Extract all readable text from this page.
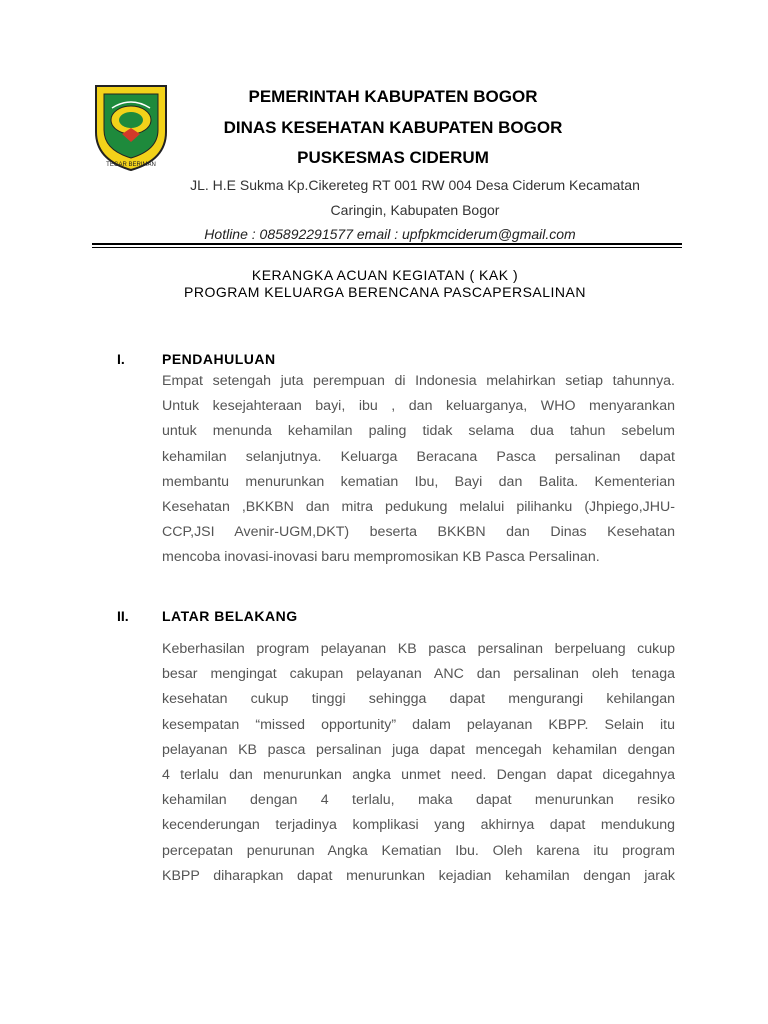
TEGAR BERIMAN
PEMERINTAH KABUPATEN BOGOR
DINAS KESEHATAN KABUPATEN BOGOR
PUSKESMAS CIDERUM
JL. H.E Sukma Kp.Cikereteg RT 001 RW 004 Desa Ciderum Kecamatan
Caringin, Kabupaten Bogor
Hotline : 085892291577 email : upfpkmciderum@gmail.com
KERANGKA ACUAN KEGIATAN ( KAK )
PROGRAM KELUARGA BERENCANA PASCAPERSALINAN
I.	PENDAHULUAN
Empat setengah juta perempuan di Indonesia melahirkan setiap tahunnya.
Untuk kesejahteraan bayi, ibu , dan keluarganya, WHO menyarankan
untuk menunda kehamilan paling tidak selama dua tahun sebelum
kehamilan selanjutnya. Keluarga Beracana Pasca persalinan dapat
membantu menurunkan kematian Ibu, Bayi dan Balita. Kementerian
Kesehatan ,BKKBN dan mitra pedukung melalui pilihanku (Jhpiego,JHU-
CCP,JSI Avenir-UGM,DKT) beserta BKKBN dan Dinas Kesehatan
mencoba inovasi-inovasi baru mempromosikan KB Pasca Persalinan.
II. LATAR BELAKANG
Keberhasilan program pelayanan KB pasca persalinan berpeluang cukup
besar mengingat cakupan pelayanan ANC dan persalinan oleh tenaga
kesehatan cukup tinggi sehingga dapat mengurangi kehilangan
kesempatan “missed opportunity” dalam pelayanan KBPP. Selain itu
pelayanan KB pasca persalinan juga dapat mencegah kehamilan dengan
4 terlalu dan menurunkan angka unmet need. Dengan dapat dicegahnya
kehamilan dengan 4 terlalu, maka dapat menurunkan resiko
kecenderungan terjadinya komplikasi yang akhirnya dapat mendukung
percepatan penurunan Angka Kematian Ibu. Oleh karena itu program
KBPP diharapkan dapat menurunkan kejadian kehamilan dengan jarak
